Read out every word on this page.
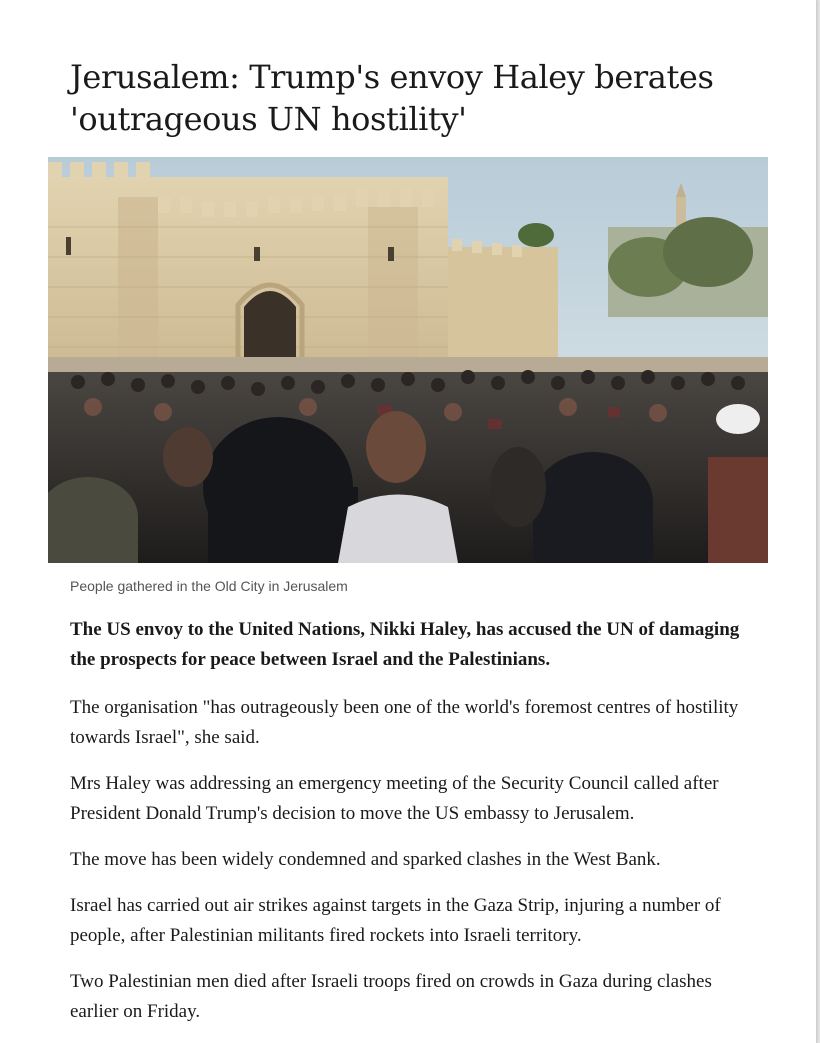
Jerusalem: Trump's envoy Haley berates 'outrageous UN hostility'

People gathered in the Old City in Jerusalem

The US envoy to the United Nations, Nikki Haley, has accused the UN of damaging the prospects for peace between Israel and the Palestinians.

The organisation "has outrageously been one of the world's foremost centres of hostility towards Israel", she said.

Mrs Haley was addressing an emergency meeting of the Security Council called after President Donald Trump's decision to move the US embassy to Jerusalem.

The move has been widely condemned and sparked clashes in the West Bank.

Israel has carried out air strikes against targets in the Gaza Strip, injuring a number of people, after Palestinian militants fired rockets into Israeli territory.

Two Palestinian men died after Israeli troops fired on crowds in Gaza during clashes earlier on Friday.
